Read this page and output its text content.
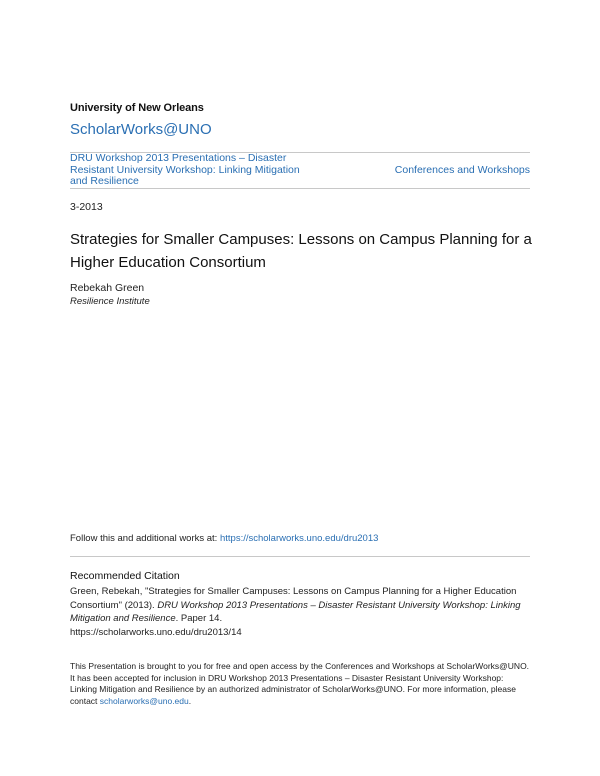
University of New Orleans
ScholarWorks@UNO
DRU Workshop 2013 Presentations – Disaster Resistant University Workshop: Linking Mitigation and Resilience
Conferences and Workshops
3-2013
Strategies for Smaller Campuses: Lessons on Campus Planning for a Higher Education Consortium
Rebekah Green
Resilience Institute
Follow this and additional works at: https://scholarworks.uno.edu/dru2013
Recommended Citation
Green, Rebekah, "Strategies for Smaller Campuses: Lessons on Campus Planning for a Higher Education Consortium" (2013). DRU Workshop 2013 Presentations – Disaster Resistant University Workshop: Linking Mitigation and Resilience. Paper 14.
https://scholarworks.uno.edu/dru2013/14
This Presentation is brought to you for free and open access by the Conferences and Workshops at ScholarWorks@UNO. It has been accepted for inclusion in DRU Workshop 2013 Presentations – Disaster Resistant University Workshop: Linking Mitigation and Resilience by an authorized administrator of ScholarWorks@UNO. For more information, please contact scholarworks@uno.edu.
